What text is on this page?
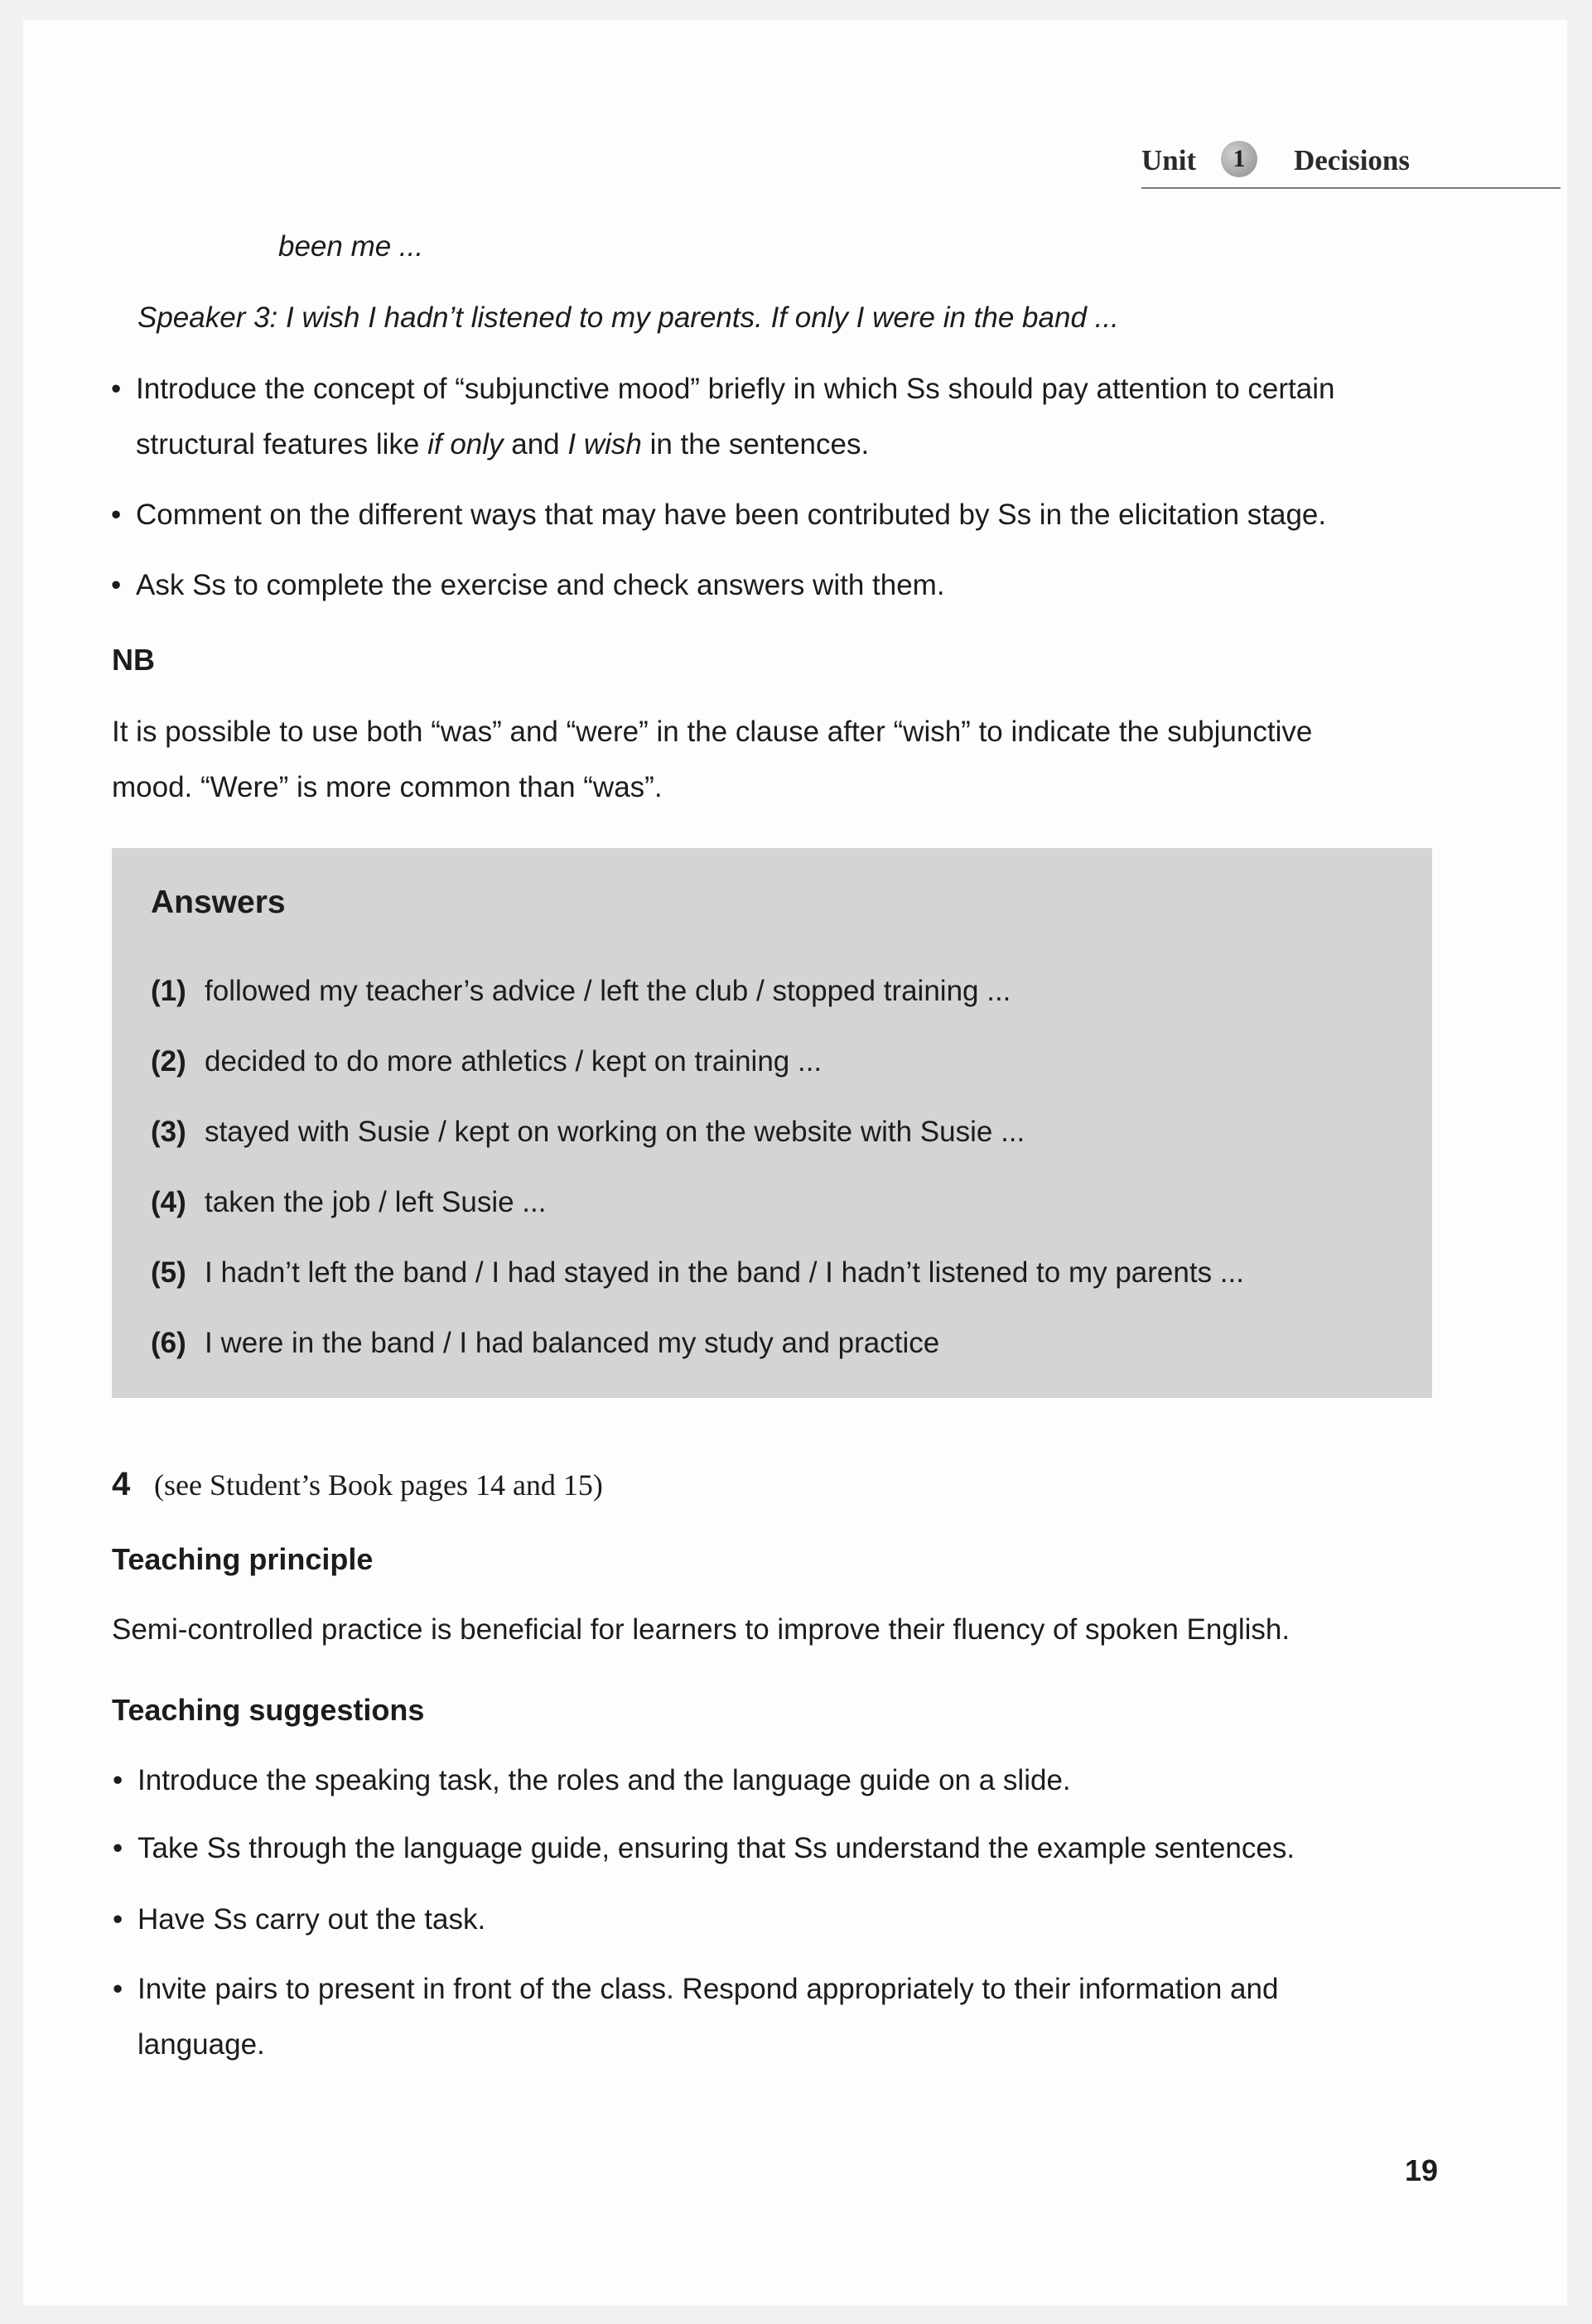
Unit	1	Decisions
been me ...
Speaker 3: I wish I hadn’t listened to my parents. If only I were in the band ...
• Introduce the concept of “subjunctive mood” briefly in which Ss should pay attention to certain
structural features like if only and I wish in the sentences.
• Comment on the different ways that may have been contributed by Ss in the elicitation stage.
• Ask Ss to complete the exercise and check answers with them.
NB
It is possible to use both “was” and “were” in the clause after “wish” to indicate the subjunctive
mood. “Were” is more common than “was”.
Answers
(1) followed my teacher’s advice / left the club / stopped training ...
(2) decided to do more athletics / kept on training ...
(3) stayed with Susie / kept on working on the website with Susie ...
(4) taken the job / left Susie ...
(5) I hadn’t left the band / I had stayed in the band / I hadn’t listened to my parents ...
(6) I were in the band / I had balanced my study and practice
4 (see Student’s Book pages 14 and 15)
Teaching principle
Semi-controlled practice is beneficial for learners to improve their fluency of spoken English.
Teaching suggestions
• Introduce the speaking task, the roles and the language guide on a slide.
• Take Ss through the language guide, ensuring that Ss understand the example sentences.
• Have Ss carry out the task.
• Invite pairs to present in front of the class. Respond appropriately to their information and
language.
19
